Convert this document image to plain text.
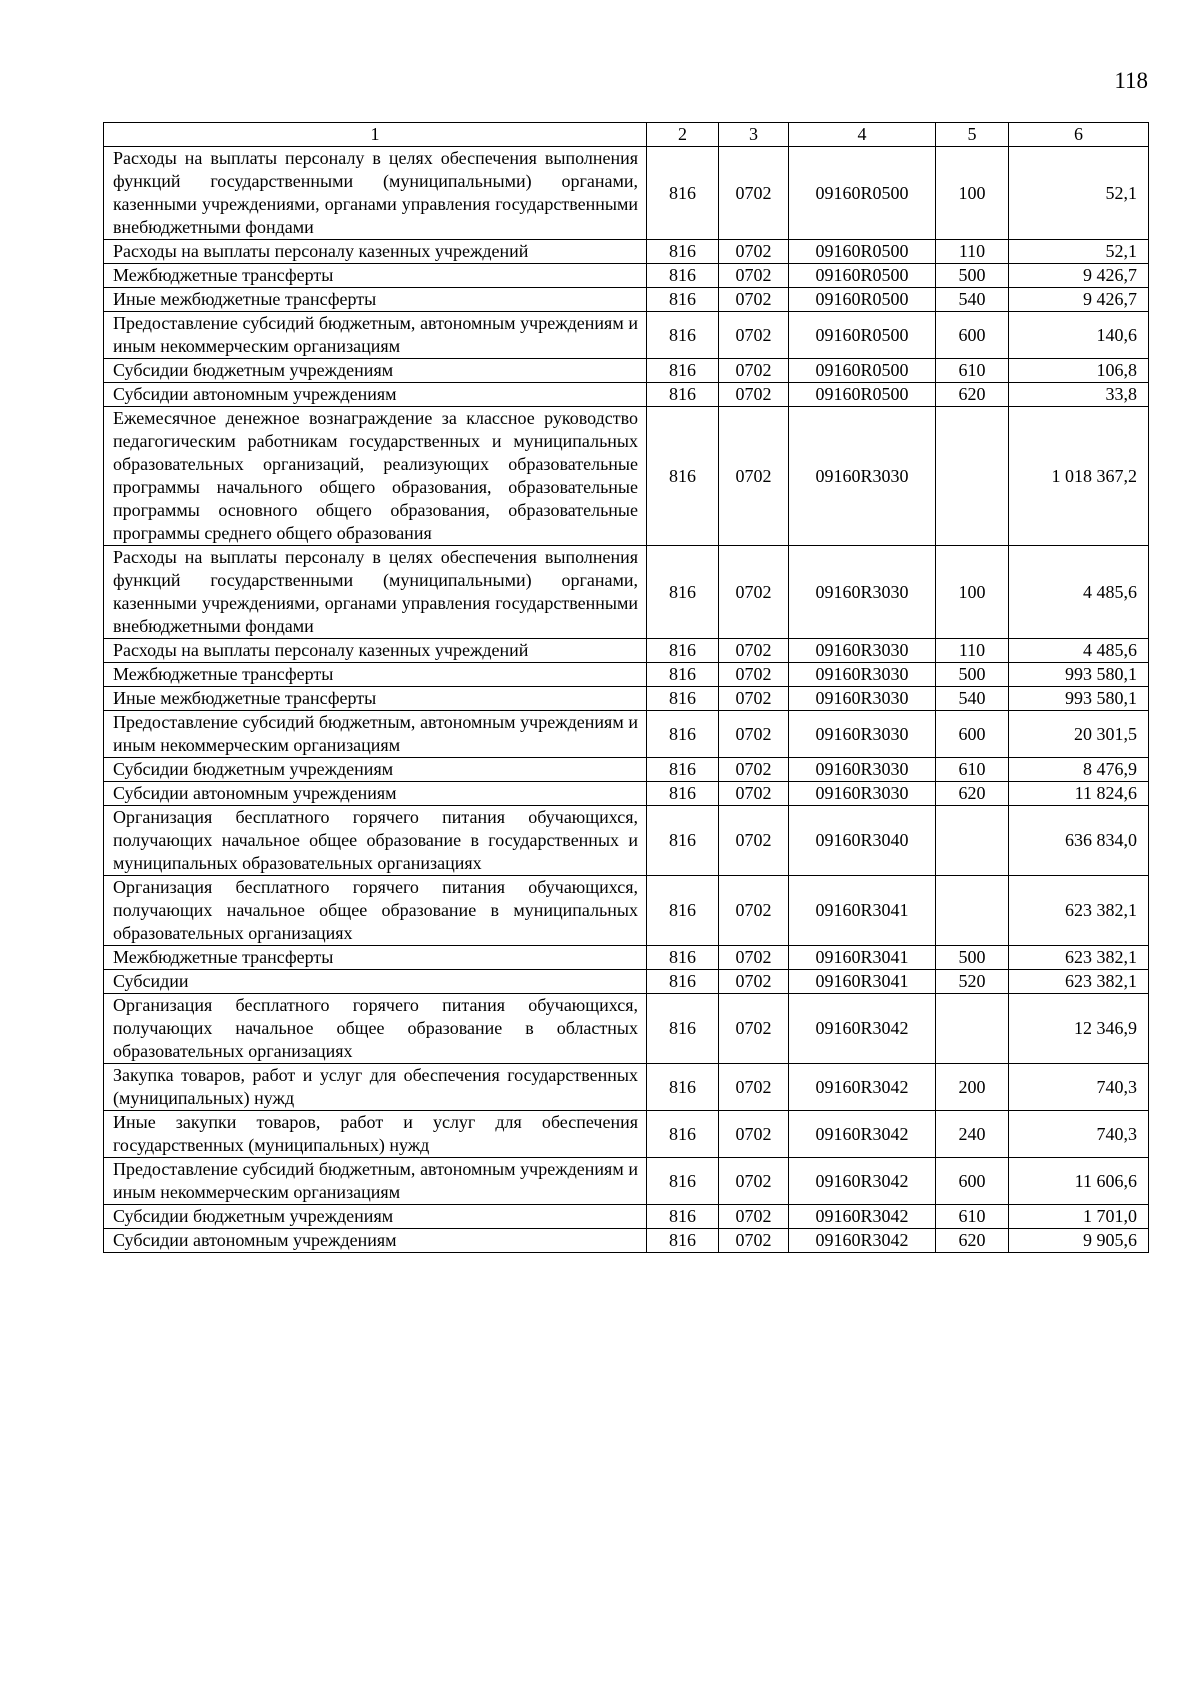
118
1	2	3	4	5	6
Расходы на выплаты персоналу в целях обеспечения выполнения функций государственными (муниципальными) органами, казенными учреждениями, органами управления государственными внебюджетными фондами	816	0702	09160R0500	100	52,1
Расходы на выплаты персоналу казенных учреждений	816	0702	09160R0500	110	52,1
Межбюджетные трансферты	816	0702	09160R0500	500	9 426,7
Иные межбюджетные трансферты	816	0702	09160R0500	540	9 426,7
Предоставление субсидий бюджетным, автономным учреждениям и иным некоммерческим организациям	816	0702	09160R0500	600	140,6
Субсидии бюджетным учреждениям	816	0702	09160R0500	610	106,8
Субсидии автономным учреждениям	816	0702	09160R0500	620	33,8
Ежемесячное денежное вознаграждение за классное руководство педагогическим работникам государственных и муниципальных образовательных организаций, реализующих образовательные программы начального общего образования, образовательные программы основного общего образования, образовательные программы среднего общего образования	816	0702	09160R3030		1 018 367,2
Расходы на выплаты персоналу в целях обеспечения выполнения функций государственными (муниципальными) органами, казенными учреждениями, органами управления государственными внебюджетными фондами	816	0702	09160R3030	100	4 485,6
Расходы на выплаты персоналу казенных учреждений	816	0702	09160R3030	110	4 485,6
Межбюджетные трансферты	816	0702	09160R3030	500	993 580,1
Иные межбюджетные трансферты	816	0702	09160R3030	540	993 580,1
Предоставление субсидий бюджетным, автономным учреждениям и иным некоммерческим организациям	816	0702	09160R3030	600	20 301,5
Субсидии бюджетным учреждениям	816	0702	09160R3030	610	8 476,9
Субсидии автономным учреждениям	816	0702	09160R3030	620	11 824,6
Организация бесплатного горячего питания обучающихся, получающих начальное общее образование в государственных и муниципальных образовательных организациях	816	0702	09160R3040		636 834,0
Организация бесплатного горячего питания обучающихся, получающих начальное общее образование в муниципальных образовательных организациях	816	0702	09160R3041		623 382,1
Межбюджетные трансферты	816	0702	09160R3041	500	623 382,1
Субсидии	816	0702	09160R3041	520	623 382,1
Организация бесплатного горячего питания обучающихся, получающих начальное общее образование в областных образовательных организациях	816	0702	09160R3042		12 346,9
Закупка товаров, работ и услуг для обеспечения государственных (муниципальных) нужд	816	0702	09160R3042	200	740,3
Иные закупки товаров, работ и услуг для обеспечения государственных (муниципальных) нужд	816	0702	09160R3042	240	740,3
Предоставление субсидий бюджетным, автономным учреждениям и иным некоммерческим организациям	816	0702	09160R3042	600	11 606,6
Субсидии бюджетным учреждениям	816	0702	09160R3042	610	1 701,0
Субсидии автономным учреждениям	816	0702	09160R3042	620	9 905,6
